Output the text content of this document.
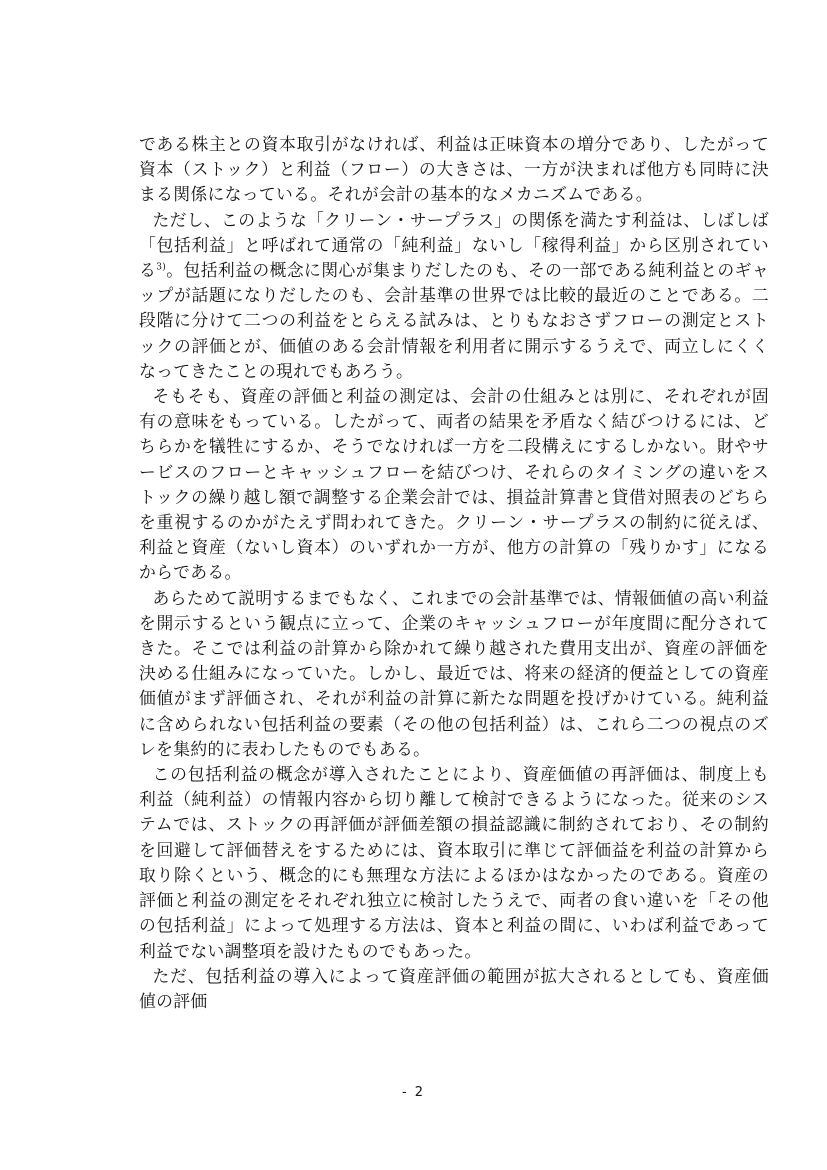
である株主との資本取引がなければ、利益は正味資本の増分であり、したがって資本（ストック）と利益（フロー）の大きさは、一方が決まれば他方も同時に決まる関係になっている。それが会計の基本的なメカニズムである。

ただし、このような「クリーン・サープラス」の関係を満たす利益は、しばしば「包括利益」と呼ばれて通常の「純利益」ないし「稼得利益」から区別されている$^{3)}$。包括利益の概念に関心が集まりだしたのも、その一部である純利益とのギャップが話題になりだしたのも、会計基準の世界では比較的最近のことである。二段階に分けて二つの利益をとらえる試みは、とりもなおさずフローの測定とストックの評価とが、価値のある会計情報を利用者に開示するうえで、両立しにくくなってきたことの現れでもあろう。

そもそも、資産の評価と利益の測定は、会計の仕組みとは別に、それぞれが固有の意味をもっている。したがって、両者の結果を矛盾なく結びつけるには、どちらかを犠牲にするか、そうでなければ一方を二段構えにするしかない。財やサービスのフローとキャッシュフローを結びつけ、それらのタイミングの違いをストックの繰り越し額で調整する企業会計では、損益計算書と貸借対照表のどちらを重視するのかがたえず問われてきた。クリーン・サープラスの制約に従えば、利益と資産（ないし資本）のいずれか一方が、他方の計算の「残りかす」になるからである。

あらためて説明するまでもなく、これまでの会計基準では、情報価値の高い利益を開示するという観点に立って、企業のキャッシュフローが年度間に配分されてきた。そこでは利益の計算から除かれて繰り越された費用支出が、資産の評価を決める仕組みになっていた。しかし、最近では、将来の経済的便益としての資産価値がまず評価され、それが利益の計算に新たな問題を投げかけている。純利益に含められない包括利益の要素（その他の包括利益）は、これら二つの視点のズレを集約的に表わしたものでもある。

この包括利益の概念が導入されたことにより、資産価値の再評価は、制度上も利益（純利益）の情報内容から切り離して検討できるようになった。従来のシステムでは、ストックの再評価が評価差額の損益認識に制約されており、その制約を回避して評価替えをするためには、資本取引に準じて評価益を利益の計算から取り除くという、概念的にも無理な方法によるほかはなかったのである。資産の評価と利益の測定をそれぞれ独立に検討したうえで、両者の食い違いを「その他の包括利益」によって処理する方法は、資本と利益の間に、いわば利益であって利益でない調整項を設けたものでもあった。

ただ、包括利益の導入によって資産評価の範囲が拡大されるとしても、資産価値の評価

- 2
